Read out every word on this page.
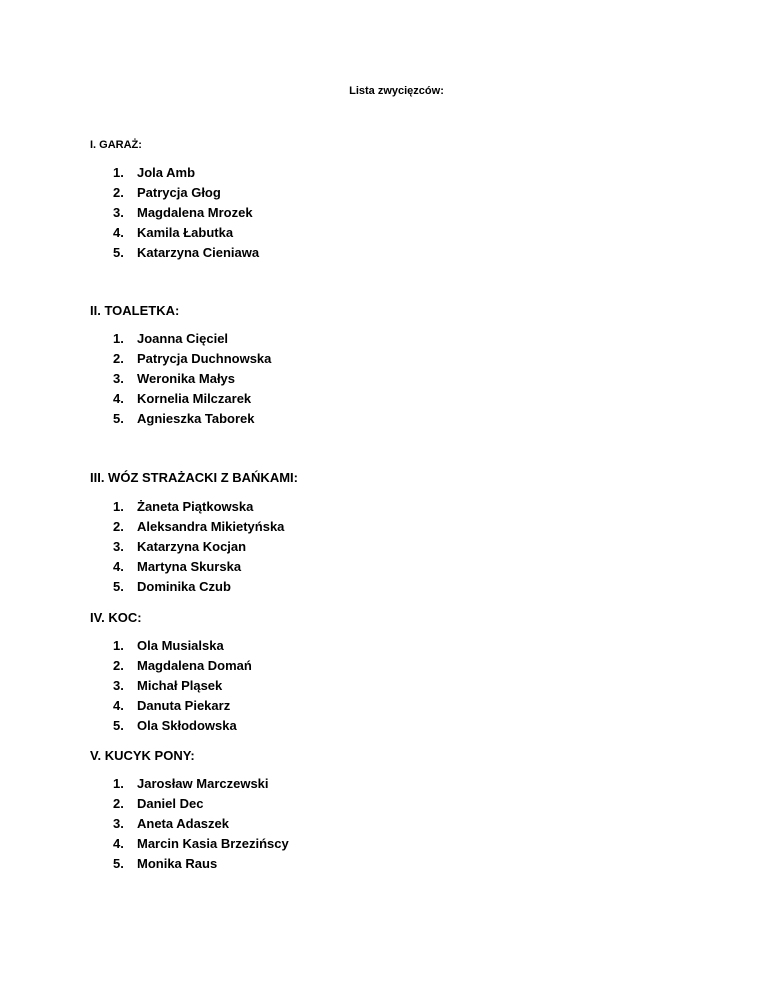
Lista zwycięzców:
I. GARAŻ:
1. Jola Amb
2. Patrycja Głog
3. Magdalena Mrozek
4. Kamila Łabutka
5. Katarzyna Cieniawa
II. TOALETKA:
1. Joanna Cięciel
2. Patrycja Duchnowska
3. Weronika Małys
4. Kornelia Milczarek
5. Agnieszka Taborek
III. WÓZ STRAŻACKI Z BAŃKAMI:
1. Żaneta Piątkowska
2. Aleksandra Mikietyńska
3. Katarzyna Kocjan
4. Martyna Skurska
5. Dominika Czub
IV. KOC:
1. Ola Musialska
2. Magdalena Domań
3. Michał Pląsek
4. Danuta Piekarz
5. Ola Skłodowska
V. KUCYK PONY:
1. Jarosław Marczewski
2. Daniel Dec
3. Aneta Adaszek
4. Marcin Kasia Brzezińscy
5. Monika Raus
